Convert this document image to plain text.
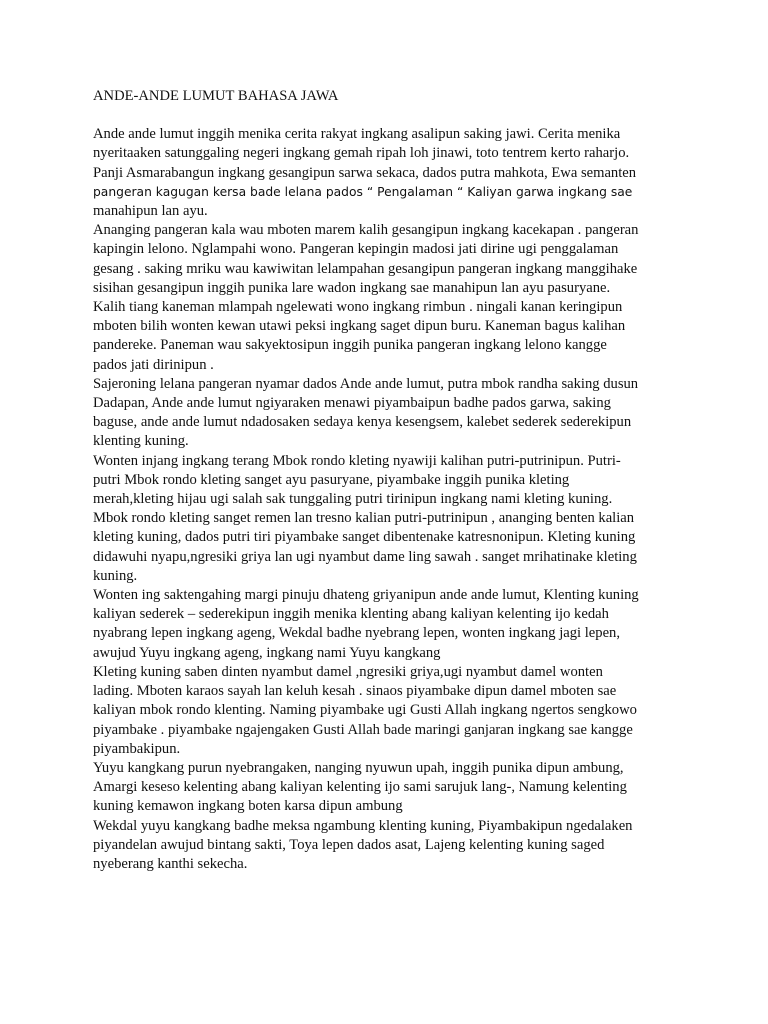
ANDE-ANDE LUMUT BAHASA JAWA
Ande ande lumut inggih menika cerita rakyat ingkang asalipun saking jawi. Cerita menika
nyeritaaken satunggaling negeri ingkang gemah ripah loh jinawi, toto tentrem kerto raharjo.
Panji Asmarabangun ingkang gesangipun sarwa sekaca, dados putra mahkota, Ewa semanten
pangeran kagugan kersa bade lelana pados “ Pengalaman “ Kaliyan garwa ingkang sae
manahipun lan ayu.
Ananging pangeran kala wau mboten marem kalih gesangipun ingkang kacekapan . pangeran
kapingin lelono. Nglampahi wono. Pangeran kepingin madosi jati dirine ugi penggalaman
gesang . saking mriku wau kawiwitan lelampahan gesangipun pangeran ingkang manggihake
sisihan gesangipun inggih punika lare wadon ingkang sae manahipun lan ayu pasuryane.
Kalih tiang kaneman mlampah ngelewati wono ingkang rimbun . ningali kanan keringipun
mboten bilih wonten kewan utawi peksi ingkang saget dipun buru. Kaneman bagus kalihan
pandereke. Paneman wau sakyektosipun inggih punika pangeran ingkang lelono kangge
pados jati dirinipun .
Sajeroning lelana pangeran nyamar dados Ande ande lumut, putra mbok randha saking dusun
Dadapan, Ande ande lumut ngiyaraken menawi piyambaipun badhe pados garwa, saking
baguse, ande ande lumut ndadosaken sedaya kenya kesengsem, kalebet sederek sederekipun
klenting kuning.
Wonten injang ingkang terang Mbok rondo kleting nyawiji kalihan putri-putrinipun. Putri-
putri Mbok rondo kleting sanget ayu pasuryane, piyambake inggih punika kleting
merah,kleting hijau ugi salah sak tunggaling putri tirinipun ingkang nami kleting kuning.
Mbok rondo kleting sanget remen lan tresno kalian putri-putrinipun , ananging benten kalian
kleting kuning, dados putri tiri piyambake sanget dibentenake katresnonipun. Kleting kuning
didawuhi nyapu,ngresiki griya lan ugi nyambut dame ling sawah . sanget mrihatinake kleting
kuning.
Wonten ing saktengahing margi pinuju dhateng griyanipun ande ande lumut, Klenting kuning
kaliyan sederek – sederekipun inggih menika klenting abang kaliyan kelenting ijo kedah
nyabrang lepen ingkang ageng, Wekdal badhe nyebrang lepen, wonten ingkang jagi lepen,
awujud Yuyu ingkang ageng, ingkang nami Yuyu kangkang
Kleting kuning saben dinten nyambut damel ,ngresiki griya,ugi nyambut damel wonten
lading. Mboten karaos sayah lan keluh kesah . sinaos piyambake dipun damel mboten sae
kaliyan mbok rondo klenting. Naming piyambake ugi Gusti Allah ingkang ngertos sengkowo
piyambake . piyambake ngajengaken Gusti Allah bade maringi ganjaran ingkang sae kangge
piyambakipun.
Yuyu kangkang purun nyebrangaken, nanging nyuwun upah, inggih punika dipun ambung,
Amargi keseso kelenting abang kaliyan kelenting ijo sami sarujuk lang-, Namung kelenting
kuning kemawon ingkang boten karsa dipun ambung
Wekdal yuyu kangkang badhe meksa ngambung klenting kuning, Piyambakipun ngedalaken
piyandelan awujud bintang sakti, Toya lepen dados asat, Lajeng kelenting kuning saged
nyeberang kanthi sekecha.
